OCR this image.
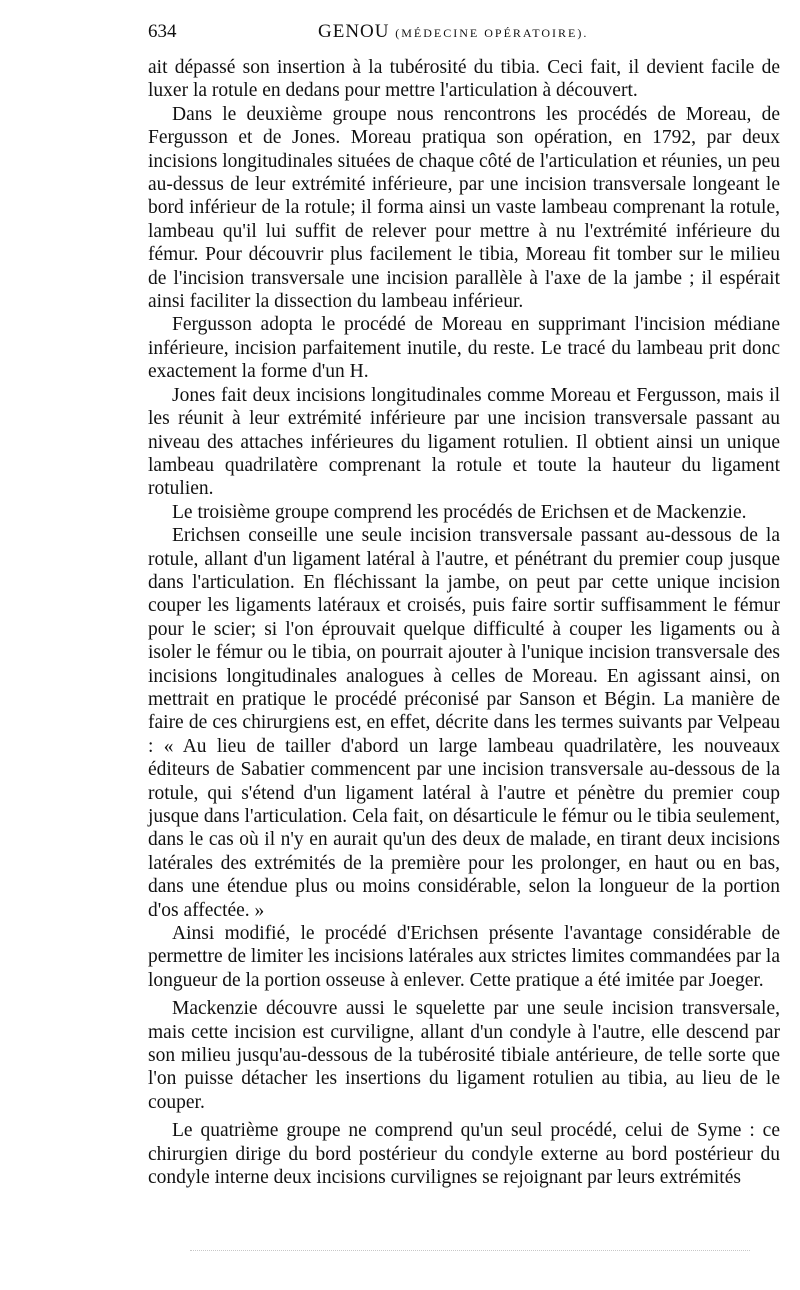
634	GENOU (MÉDECINE OPÉRATOIRE).

ait dépassé son insertion à la tubérosité du tibia. Ceci fait, il devient facile de luxer la rotule en dedans pour mettre l'articulation à découvert.

Dans le deuxième groupe nous rencontrons les procédés de Moreau, de Fergusson et de Jones. Moreau pratiqua son opération, en 1792, par deux incisions longitudinales situées de chaque côté de l'articulation et réunies, un peu au-dessus de leur extrémité inférieure, par une incision transversale longeant le bord inférieur de la rotule; il forma ainsi un vaste lambeau comprenant la rotule, lambeau qu'il lui suffit de relever pour mettre à nu l'extrémité inférieure du fémur. Pour découvrir plus facilement le tibia, Moreau fit tomber sur le milieu de l'incision transversale une incision parallèle à l'axe de la jambe ; il espérait ainsi faciliter la dissection du lambeau inférieur.

Fergusson adopta le procédé de Moreau en supprimant l'incision médiane inférieure, incision parfaitement inutile, du reste. Le tracé du lambeau prit donc exactement la forme d'un H.

Jones fait deux incisions longitudinales comme Moreau et Fergusson, mais il les réunit à leur extrémité inférieure par une incision transversale passant au niveau des attaches inférieures du ligament rotulien. Il obtient ainsi un unique lambeau quadrilatère comprenant la rotule et toute la hauteur du ligament rotulien.

Le troisième groupe comprend les procédés de Erichsen et de Mackenzie.

Erichsen conseille une seule incision transversale passant au-dessous de la rotule, allant d'un ligament latéral à l'autre, et pénétrant du premier coup jusque dans l'articulation. En fléchissant la jambe, on peut par cette unique incision couper les ligaments latéraux et croisés, puis faire sortir suffisamment le fémur pour le scier; si l'on éprouvait quelque difficulté à couper les ligaments ou à isoler le fémur ou le tibia, on pourrait ajouter à l'unique incision transversale des incisions longitudinales analogues à celles de Moreau. En agissant ainsi, on mettrait en pratique le procédé préconisé par Sanson et Bégin. La manière de faire de ces chirurgiens est, en effet, décrite dans les termes suivants par Velpeau : « Au lieu de tailler d'abord un large lambeau quadrilatère, les nouveaux éditeurs de Sabatier commencent par une incision transversale au-dessous de la rotule, qui s'étend d'un ligament latéral à l'autre et pénètre du premier coup jusque dans l'articulation. Cela fait, on désarticule le fémur ou le tibia seulement, dans le cas où il n'y en aurait qu'un des deux de malade, en tirant deux incisions latérales des extrémités de la première pour les prolonger, en haut ou en bas, dans une étendue plus ou moins considérable, selon la longueur de la portion d'os affectée. »

Ainsi modifié, le procédé d'Erichsen présente l'avantage considérable de permettre de limiter les incisions latérales aux strictes limites commandées par la longueur de la portion osseuse à enlever. Cette pratique a été imitée par Joeger.

Mackenzie découvre aussi le squelette par une seule incision transversale, mais cette incision est curviligne, allant d'un condyle à l'autre, elle descend par son milieu jusqu'au-dessous de la tubérosité tibiale antérieure, de telle sorte que l'on puisse détacher les insertions du ligament rotulien au tibia, au lieu de le couper.

Le quatrième groupe ne comprend qu'un seul procédé, celui de Syme : ce chirurgien dirige du bord postérieur du condyle externe au bord postérieur du condyle interne deux incisions curvilignes se rejoignant par leurs extrémités
